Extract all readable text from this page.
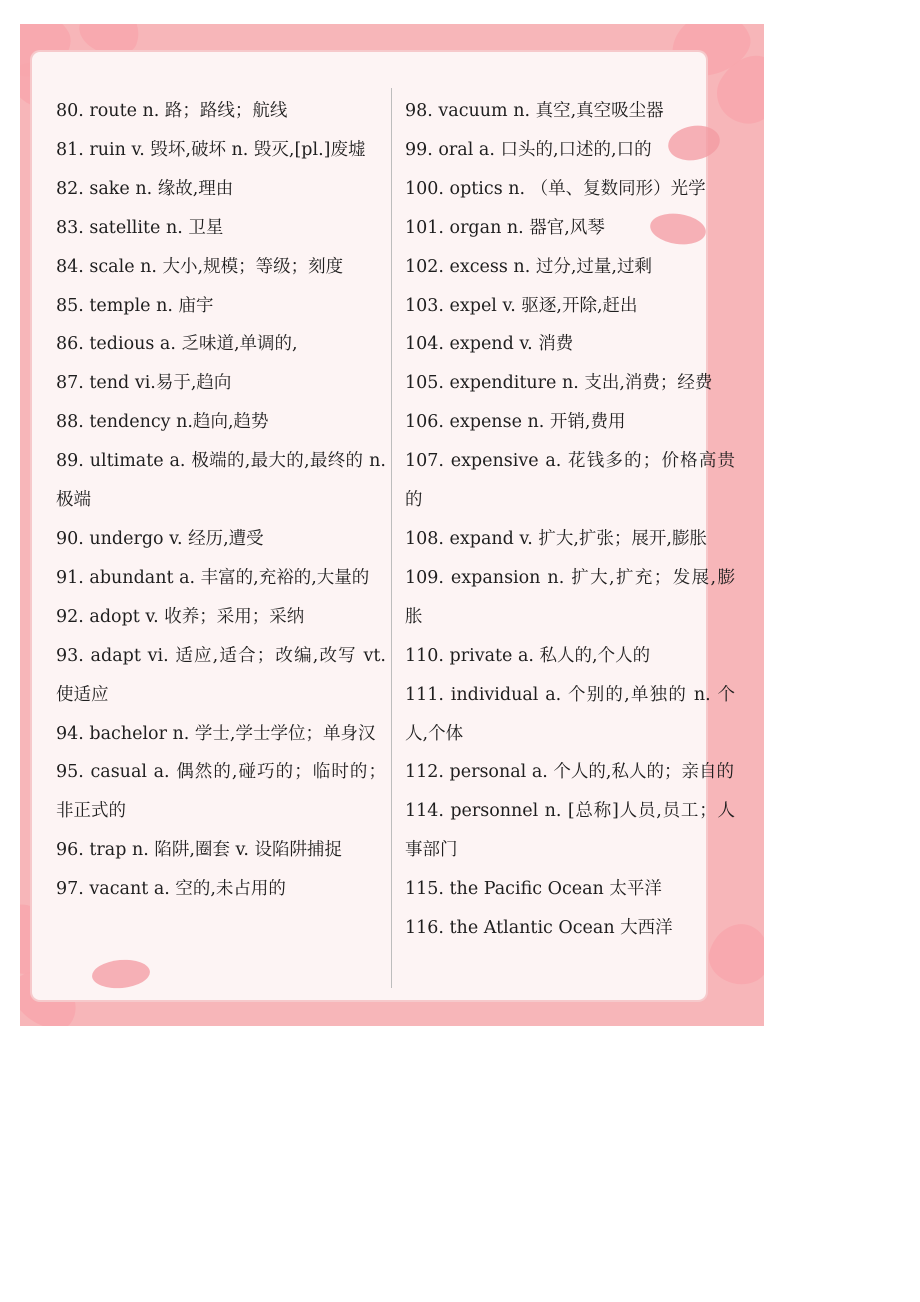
80. route n. 路；路线；航线
81. ruin v. 毁坏,破坏 n. 毁灭,[pl.]废墟
82. sake n. 缘故,理由
83. satellite n. 卫星
84. scale n. 大小,规模；等级；刻度
85. temple n. 庙宇
86. tedious a. 乏味道,单调的,
87. tend vi.易于,趋向
88. tendency n.趋向,趋势
89. ultimate a. 极端的,最大的,最终的 n. 极端
90. undergo v. 经历,遭受
91. abundant a. 丰富的,充裕的,大量的
92. adopt v. 收养；采用；采纳
93. adapt vi. 适应,适合；改编,改写 vt. 使适应
94. bachelor n. 学士,学士学位；单身汉
95. casual a. 偶然的,碰巧的；临时的；非正式的
96. trap n. 陷阱,圈套 v. 设陷阱捕捉
97. vacant a. 空的,未占用的
98. vacuum n. 真空,真空吸尘器
99. oral a. 口头的,口述的,口的
100. optics n. （单、复数同形）光学
101. organ n. 器官,风琴
102. excess n. 过分,过量,过剩
103. expel v. 驱逐,开除,赶出
104. expend v. 消费
105. expenditure n. 支出,消费；经费
106. expense n. 开销,费用
107. expensive a. 花钱多的；价格高贵的
108. expand v. 扩大,扩张；展开,膨胀
109. expansion n. 扩大,扩充；发展,膨胀
110. private a. 私人的,个人的
111. individual a. 个别的,单独的 n. 个人,个体
112. personal a. 个人的,私人的；亲自的
114. personnel n. [总称]人员,员工；人事部门
115. the Pacific Ocean 太平洋
116. the Atlantic Ocean 大西洋
